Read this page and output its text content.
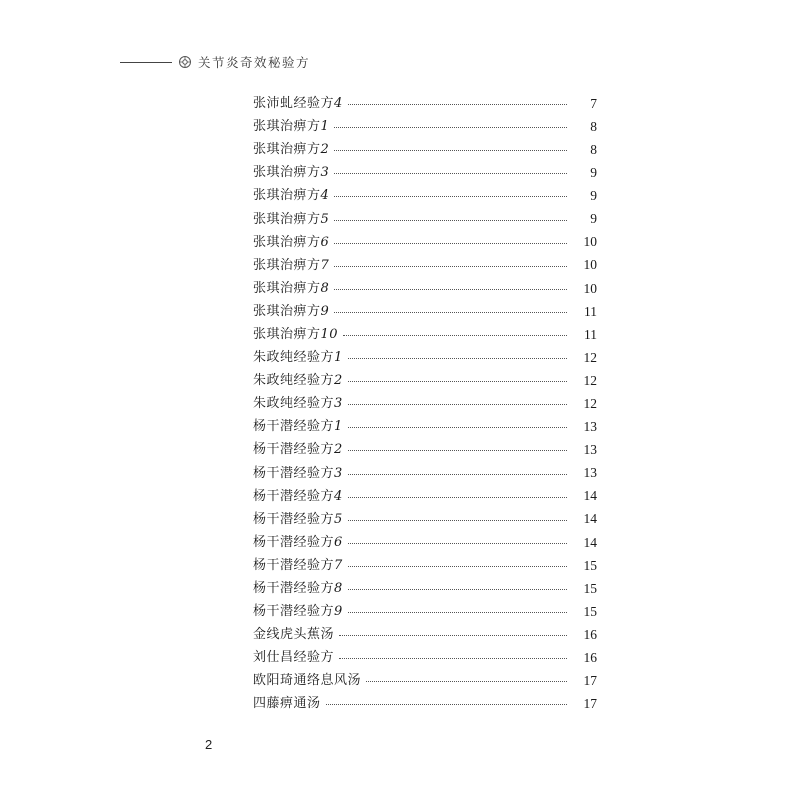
关节炎奇效秘验方
张沛虬经验方4	7
张琪治痹方1	8
张琪治痹方2	8
张琪治痹方3	9
张琪治痹方4	9
张琪治痹方5	9
张琪治痹方6	10
张琪治痹方7	10
张琪治痹方8	10
张琪治痹方9	11
张琪治痹方10	11
朱政纯经验方1	12
朱政纯经验方2	12
朱政纯经验方3	12
杨干潜经验方1	13
杨干潜经验方2	13
杨干潜经验方3	13
杨干潜经验方4	14
杨干潜经验方5	14
杨干潜经验方6	14
杨干潜经验方7	15
杨干潜经验方8	15
杨干潜经验方9	15
金线虎头蕉汤	16
刘仕昌经验方	16
欧阳琦通络息风汤	17
四藤痹通汤	17
2
